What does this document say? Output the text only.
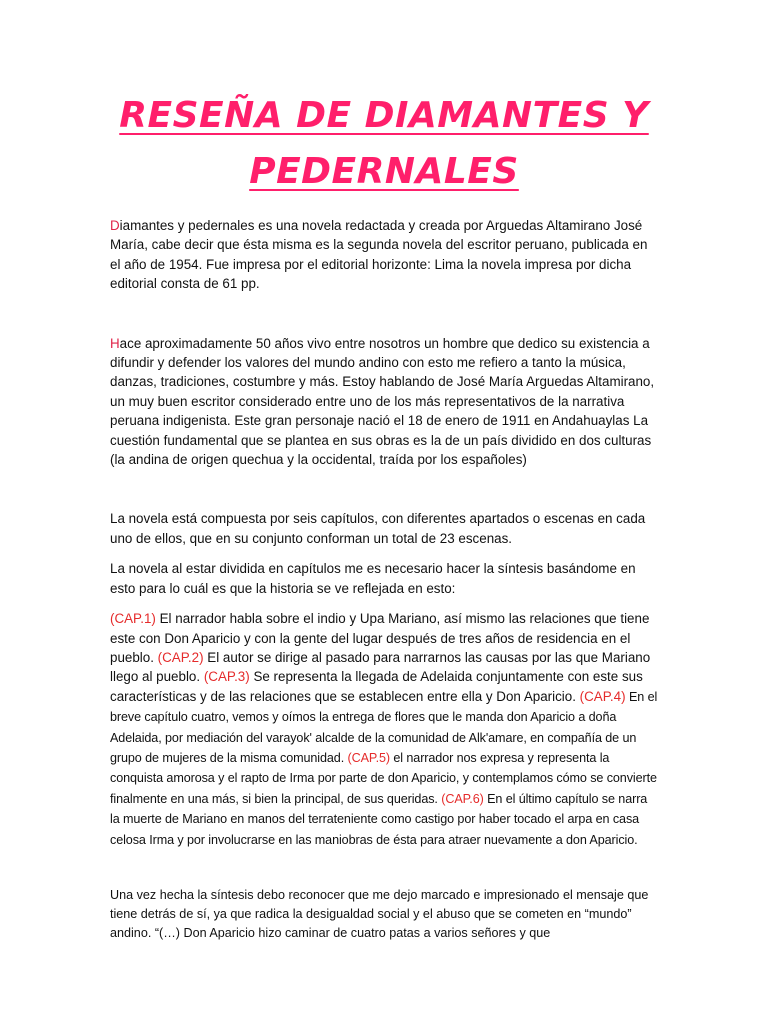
RESEÑA DE DIAMANTES Y
PEDERNALES

Diamantes y pedernales es una novela redactada y creada por Arguedas Altamirano José María, cabe decir que ésta misma es la segunda novela del escritor peruano, publicada en el año de 1954. Fue impresa por el editorial horizonte: Lima la novela impresa por dicha editorial consta de 61 pp.

Hace aproximadamente 50 años vivo entre nosotros un hombre que dedico su existencia a difundir y defender los valores del mundo andino con esto me refiero a tanto la música, danzas, tradiciones, costumbre y más. Estoy hablando de José María Arguedas Altamirano, un muy buen escritor considerado entre uno de los más representativos de la narrativa peruana indigenista. Este gran personaje nació el 18 de enero de 1911 en Andahuaylas La cuestión fundamental que se plantea en sus obras es la de un país dividido en dos culturas (la andina de origen quechua y la occidental, traída por los españoles)

La novela está compuesta por seis capítulos, con diferentes apartados o escenas en cada uno de ellos, que en su conjunto conforman un total de 23 escenas.

La novela al estar dividida en capítulos me es necesario hacer la síntesis basándome en esto para lo cuál es que la historia se ve reflejada en esto:

(CAP.1) El narrador habla sobre el indio y Upa Mariano, así mismo las relaciones que tiene este con Don Aparicio y con la gente del lugar después de tres años de residencia en el pueblo. (CAP.2) El autor se dirige al pasado para narrarnos las causas por las que Mariano llego al pueblo. (CAP.3) Se representa la llegada de Adelaida conjuntamente con este sus características y de las relaciones que se establecen entre ella y Don Aparicio. (CAP.4) En el breve capítulo cuatro, vemos y oímos la entrega de flores que le manda don Aparicio a doña Adelaida, por mediación del varayok' alcalde de la comunidad de Alk'amare, en compañía de un grupo de mujeres de la misma comunidad. (CAP.5) el narrador nos expresa y representa la conquista amorosa y el rapto de Irma por parte de don Aparicio, y contemplamos cómo se convierte finalmente en una más, si bien la principal, de sus queridas. (CAP.6) En el último capítulo se narra la muerte de Mariano en manos del terrateniente como castigo por haber tocado el arpa en casa celosa Irma y por involucrarse en las maniobras de ésta para atraer nuevamente a don Aparicio.

Una vez hecha la síntesis debo reconocer que me dejo marcado e impresionado el mensaje que tiene detrás de sí, ya que radica la desigualdad social y el abuso que se cometen en “mundo” andino. “(…) Don Aparicio hizo caminar de cuatro patas a varios señores y que
